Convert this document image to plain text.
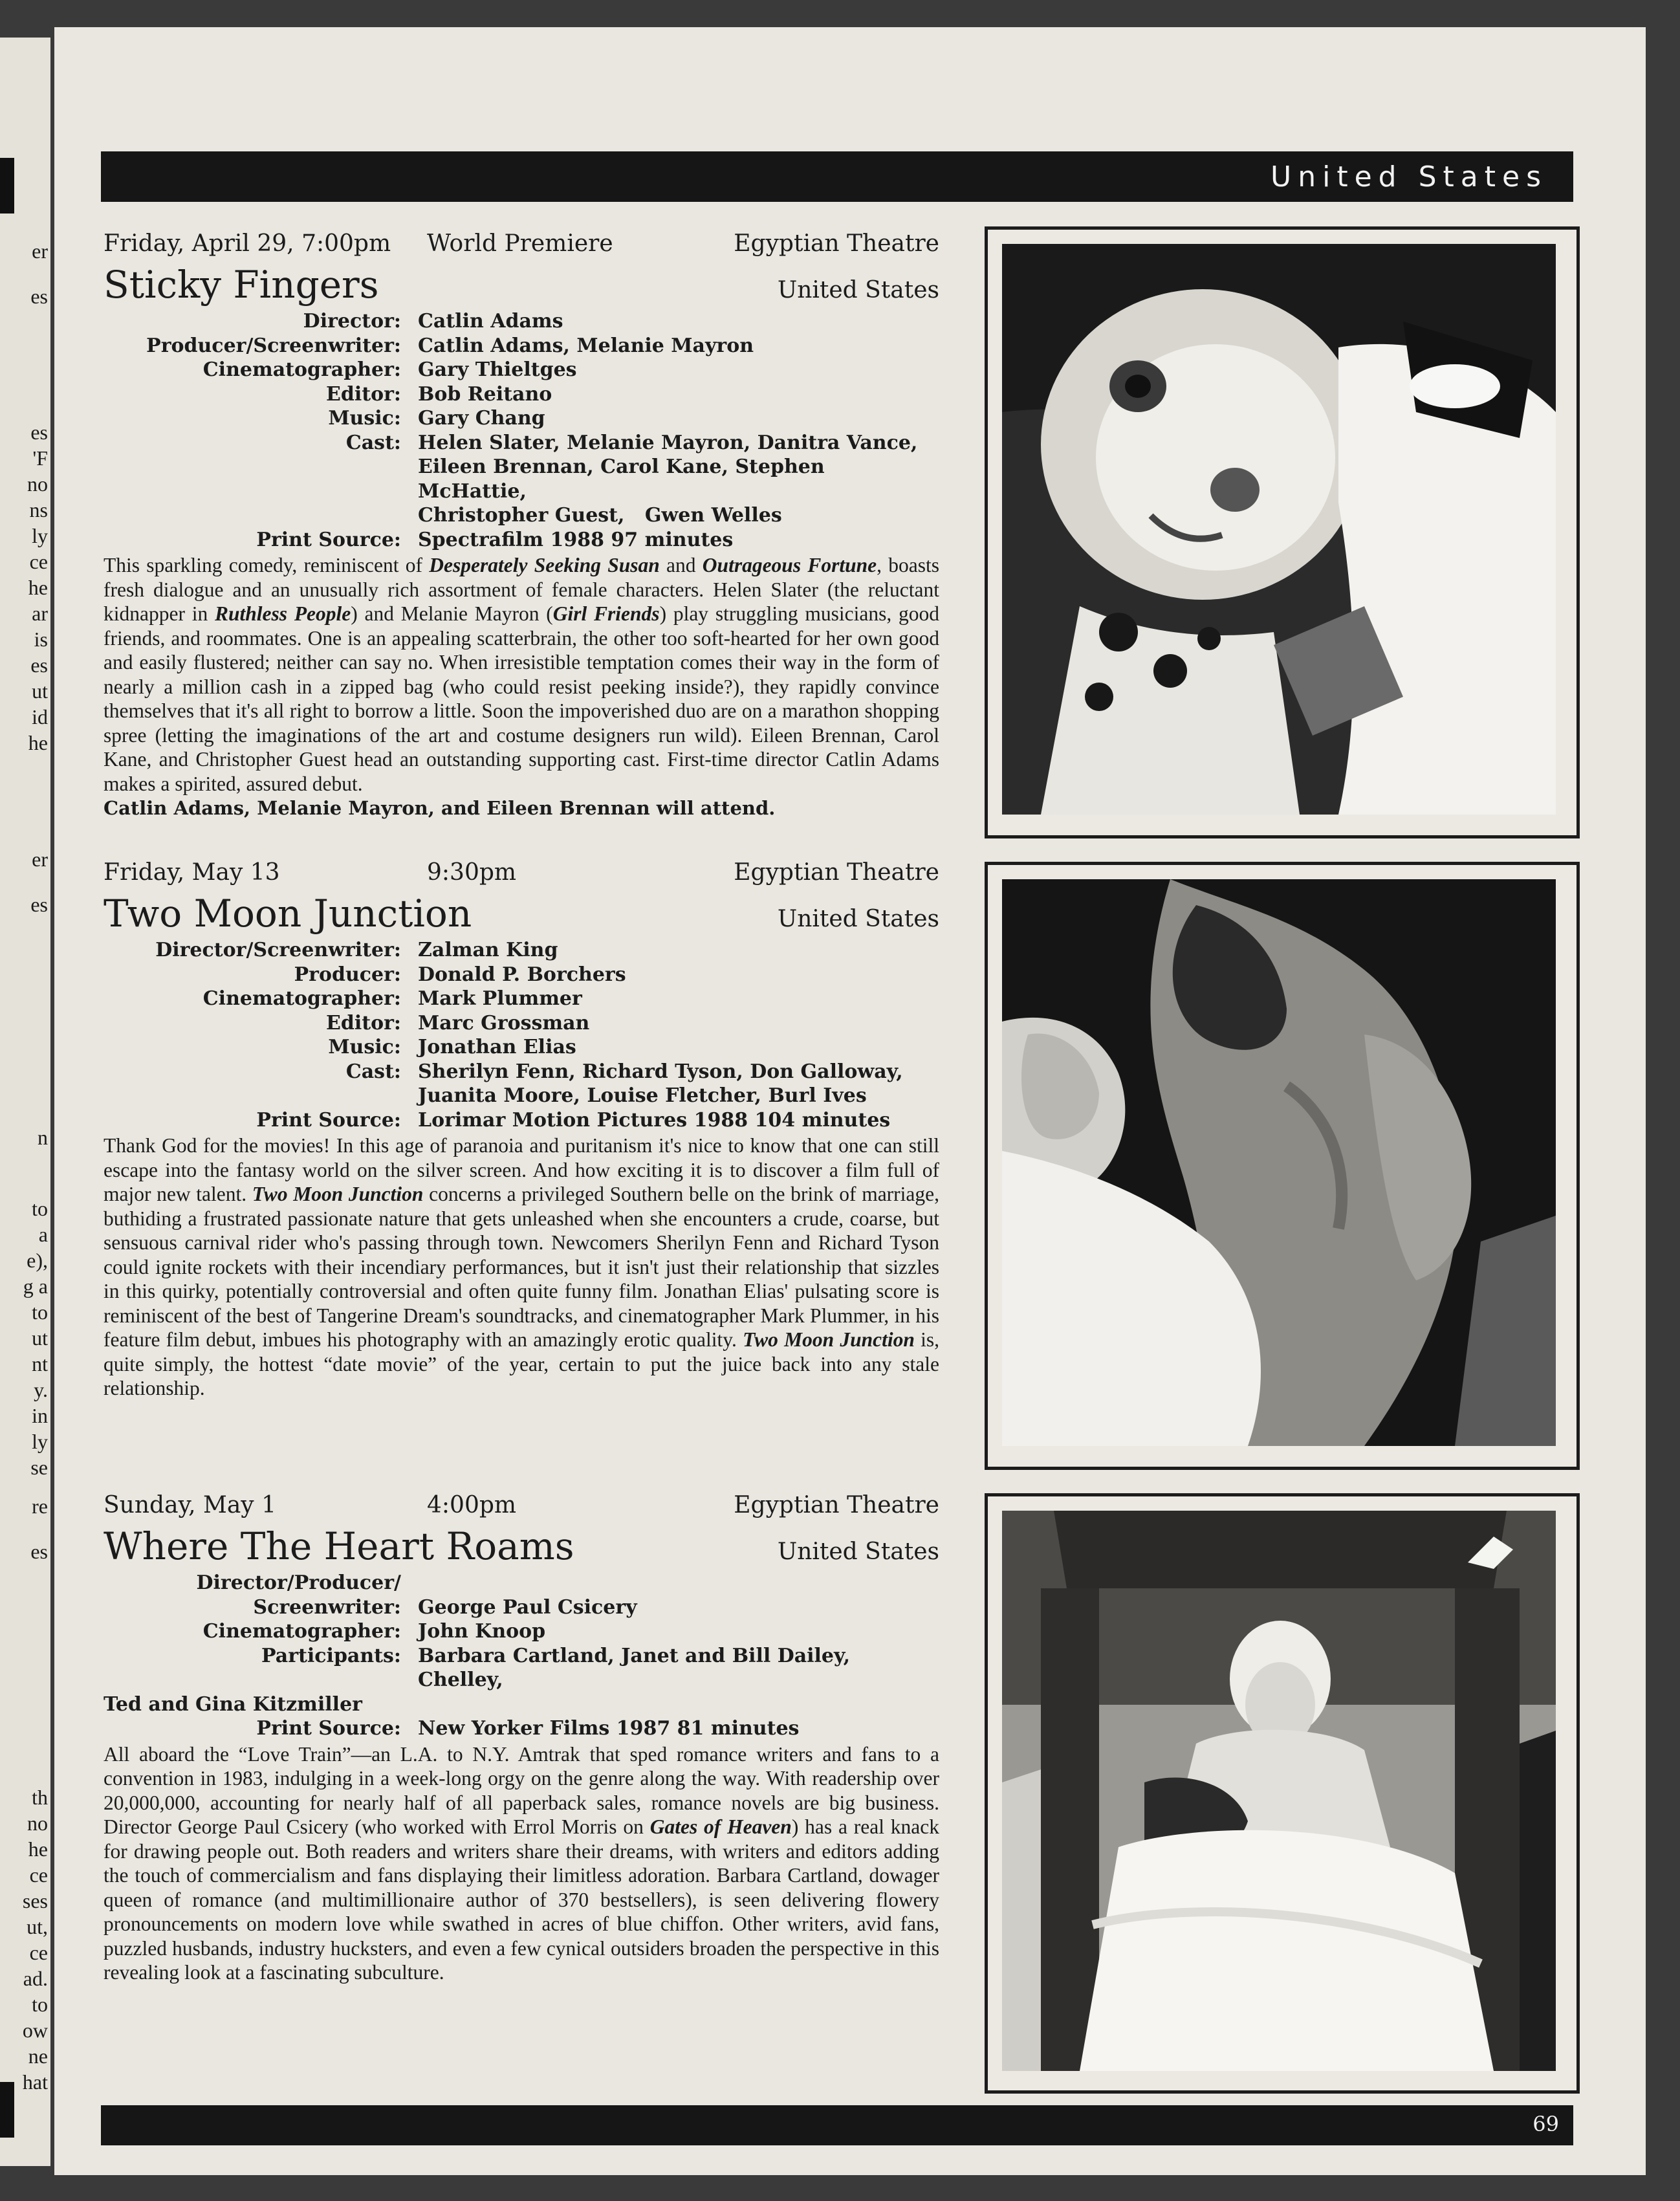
er
es
es
'F
no
ns
ly
ce
he
ar
is
es
ut
id
he
er
es
n
to
a
e),
g a
to
ut
nt
y.
in
ly
se
re
es
th
no
he
ce
ses
ut,
ce
ad.
to
ow
ne
hat
United States
Friday, April 29, 7:00pm	World Premiere	Egyptian Theatre
Sticky Fingers	United States
Director: Catlin Adams
Producer/Screenwriter: Catlin Adams, Melanie Mayron
Cinematographer: Gary Thieltges
Editor: Bob Reitano
Music: Gary Chang
Cast: Helen Slater, Melanie Mayron, Danitra Vance,
Eileen Brennan, Carol Kane, Stephen McHattie,
Christopher Guest,   Gwen Welles
Print Source: Spectrafilm 1988 97 minutes
This sparkling comedy, reminiscent of Desperately Seeking Susan and Outrageous Fortune, boasts fresh dialogue and an unusually rich assortment of female characters. Helen Slater (the reluctant kidnapper in Ruthless People) and Melanie Mayron (Girl Friends) play struggling musicians, good friends, and roommates. One is an appealing scatterbrain, the other too soft-hearted for her own good and easily flustered; neither can say no. When irresistible temptation comes their way in the form of nearly a million cash in a zipped bag (who could resist peeking inside?), they rapidly convince themselves that it's all right to borrow a little. Soon the impoverished duo are on a marathon shopping spree (letting the imaginations of the art and costume designers run wild). Eileen Brennan, Carol Kane, and Christopher Guest head an outstanding supporting cast. First-time director Catlin Adams makes a spirited, assured debut.
Catlin Adams, Melanie Mayron, and Eileen Brennan will attend.
Friday, May 13	9:30pm	Egyptian Theatre
Two Moon Junction	United States
Director/Screenwriter: Zalman King
Producer: Donald P. Borchers
Cinematographer: Mark Plummer
Editor: Marc Grossman
Music: Jonathan Elias
Cast: Sherilyn Fenn, Richard Tyson, Don Galloway,
Juanita Moore, Louise Fletcher, Burl Ives
Print Source: Lorimar Motion Pictures 1988 104 minutes
Thank God for the movies! In this age of paranoia and puritanism it's nice to know that one can still escape into the fantasy world on the silver screen. And how exciting it is to discover a film full of major new talent. Two Moon Junction concerns a privileged Southern belle on the brink of marriage, buthiding a frustrated passionate nature that gets unleashed when she encounters a crude, coarse, but sensuous carnival rider who's passing through town. Newcomers Sherilyn Fenn and Richard Tyson could ignite rockets with their incendiary performances, but it isn't just their relationship that sizzles in this quirky, potentially controversial and often quite funny film. Jonathan Elias' pulsating score is reminiscent of the best of Tangerine Dream's soundtracks, and cinematographer Mark Plummer, in his feature film debut, imbues his photography with an amazingly erotic quality. Two Moon Junction is, quite simply, the hottest “date movie” of the year, certain to put the juice back into any stale relationship.
Sunday, May 1	4:00pm	Egyptian Theatre
Where The Heart Roams	United States
Director/Producer/
Screenwriter: George Paul Csicery
Cinematographer: John Knoop
Participants: Barbara Cartland, Janet and Bill Dailey, Chelley,
Ted and Gina Kitzmiller
Print Source: New Yorker Films 1987 81 minutes
All aboard the “Love Train”—an L.A. to N.Y. Amtrak that sped romance writers and fans to a convention in 1983, indulging in a week-long orgy on the genre along the way. With readership over 20,000,000, accounting for nearly half of all paperback sales, romance novels are big business. Director George Paul Csicery (who worked with Errol Morris on Gates of Heaven) has a real knack for drawing people out. Both readers and writers share their dreams, with writers and editors adding the touch of commercialism and fans displaying their limitless adoration. Barbara Cartland, dowager queen of romance (and multimillionaire author of 370 bestsellers), is seen delivering flowery pronouncements on modern love while swathed in acres of blue chiffon. Other writers, avid fans, puzzled husbands, industry hucksters, and even a few cynical outsiders broaden the perspective in this revealing look at a fascinating subculture.
69
